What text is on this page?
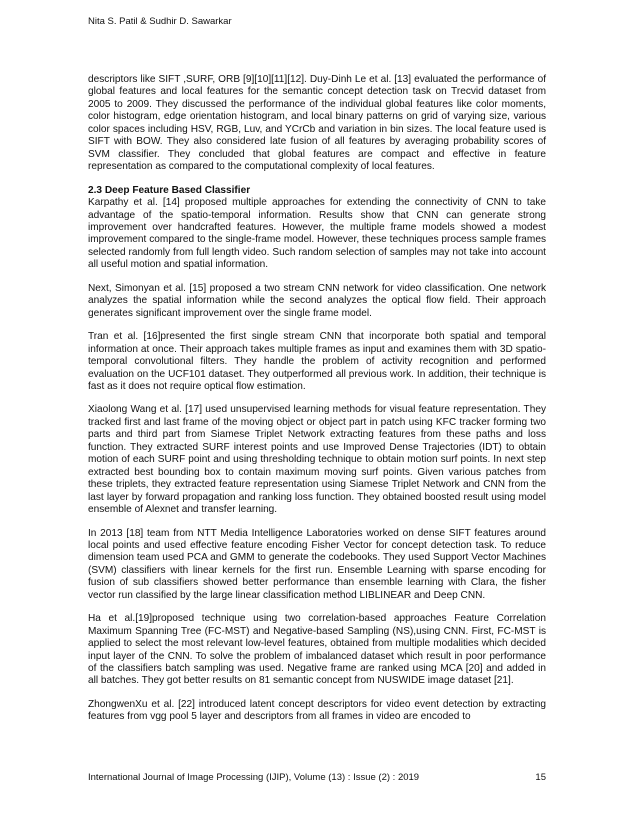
Nita S. Patil & Sudhir D. Sawarkar

descriptors like SIFT ,SURF, ORB [9][10][11][12]. Duy-Dinh Le et al. [13] evaluated the performance of global features and local features for the semantic concept detection task on Trecvid dataset from 2005 to 2009. They discussed the performance of the individual global features like color moments, color histogram, edge orientation histogram, and local binary patterns on grid of varying size, various color spaces including HSV, RGB, Luv, and YCrCb and variation in bin sizes. The local feature used is SIFT with BOW. They also considered late fusion of all features by averaging probability scores of SVM classifier. They concluded that global features are compact and effective in feature representation as compared to the computational complexity of local features.

2.3 Deep Feature Based Classifier

Karpathy et al. [14] proposed multiple approaches for extending the connectivity of CNN to take advantage of the spatio-temporal information. Results show that CNN can generate strong improvement over handcrafted features. However, the multiple frame models showed a modest improvement compared to the single-frame model. However, these techniques process sample frames selected randomly from full length video. Such random selection of samples may not take into account all useful motion and spatial information.

Next, Simonyan et al. [15] proposed a two stream CNN network for video classification. One network analyzes the spatial information while the second analyzes the optical flow field. Their approach generates significant improvement over the single frame model.

Tran et al. [16]presented the first single stream CNN that incorporate both spatial and temporal information at once. Their approach takes multiple frames as input and examines them with 3D spatio-temporal convolutional filters. They handle the problem of activity recognition and performed evaluation on the UCF101 dataset. They outperformed all previous work. In addition, their technique is fast as it does not require optical flow estimation.

Xiaolong Wang et al. [17] used unsupervised learning methods for visual feature representation. They tracked first and last frame of the moving object or object part in patch using KFC tracker forming two parts and third part from Siamese Triplet Network extracting features from these paths and loss function. They extracted SURF interest points and use Improved Dense Trajectories (IDT) to obtain motion of each SURF point and using thresholding technique to obtain motion surf points. In next step extracted best bounding box to contain maximum moving surf points. Given various patches from these triplets, they extracted feature representation using Siamese Triplet Network and CNN from the last layer by forward propagation and ranking loss function. They obtained boosted result using model ensemble of Alexnet and transfer learning.

In 2013 [18] team from NTT Media Intelligence Laboratories worked on dense SIFT features around local points and used effective feature encoding Fisher Vector for concept detection task. To reduce dimension team used PCA and GMM to generate the codebooks. They used Support Vector Machines (SVM) classifiers with linear kernels for the first run. Ensemble Learning with sparse encoding for fusion of sub classifiers showed better performance than ensemble learning with Clara, the fisher vector run classified by the large linear classification method LIBLINEAR and Deep CNN.

Ha et al.[19]proposed technique using two correlation-based approaches Feature Correlation Maximum Spanning Tree (FC-MST) and Negative-based Sampling (NS),using CNN. First, FC-MST is applied to select the most relevant low-level features, obtained from multiple modalities which decided input layer of the CNN. To solve the problem of imbalanced dataset which result in poor performance of the classifiers batch sampling was used. Negative frame are ranked using MCA [20] and added in all batches. They got better results on 81 semantic concept from NUSWIDE image dataset [21].

ZhongwenXu et al. [22] introduced latent concept descriptors for video event detection by extracting features from vgg pool 5 layer and descriptors from all frames in video are encoded to

International Journal of Image Processing (IJIP), Volume (13) : Issue (2) : 2019	15
